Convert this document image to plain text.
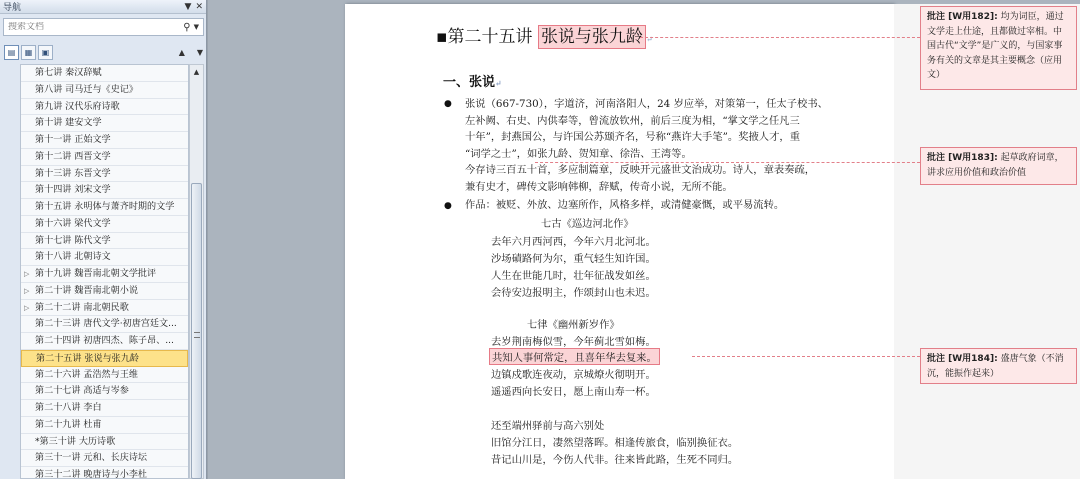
导航	▼ ✕
搜索文档
⚲ ▼
▤ ▦ ▣	▲ ▼
第七讲 秦汉辞赋
第八讲 司马迁与《史记》
第九讲 汉代乐府诗歌
第十讲 建安文学
第十一讲 正始文学
第十二讲 西晋文学
第十三讲 东晋文学
第十四讲 刘宋文学
第十五讲 永明体与萧齐时期的文学
第十六讲 梁代文学
第十七讲 陈代文学
第十八讲 北朝诗文
▷ 第十九讲 魏晋南北朝文学批评
▷ 第二十讲 魏晋南北朝小说
▷ 第二十二讲 南北朝民歌
第二十三讲 唐代文学·初唐宫廷文...
第二十四讲 初唐四杰、陈子昂、...
第二十五讲 张说与张九龄
第二十六讲 孟浩然与王维
第二十七讲 高适与岑参
第二十八讲 李白
第二十九讲 杜甫
*第三十讲 大历诗歌
第三十一讲 元和、长庆诗坛
第三十二讲 晚唐诗与小李杜
▲
▪第二十五讲 张说与张九龄 ↵
一、张说↵
● 张说（667-730），字道济，河南洛阳人，24 岁应举，对策第一，任太子校书、

左补阙、右史、内供奉等，曾流放钦州，前后三度为相，“掌文学之任凡三

十年”，封燕国公，与许国公苏颋齐名，号称“燕许大手笔”。奖掖人才，重

“词学之士”，如张九龄、贺知章、徐浩、王湾等。

今存诗三百五十首，多应制篇章，反映开元盛世文治成功。诗人，章表奏疏，

兼有史才，碑传文影响韩柳，辞赋，传奇小说，无所不能。

● 作品：被贬、外放、边塞所作，风格多样，或清健豪慨，或平易流转。

七古《巡边河北作》
去年六月西河西，今年六月北河北。
沙场磧路何为尔，重气轻生知许国。
人生在世能几时，壮年征战发如丝。
会待安边报明主，作颂封山也未迟。
七律《幽州新岁作》
去岁荆南梅似雪，今年蓟北雪如梅。
共知人事何常定，且喜年华去复来。
边镇戍歌连夜动，京城燎火彻明开。
遥遥西向长安日，愿上南山寿一杯。
还至端州驿前与高六别处
旧馆分江日，凄然望落晖。相逢传旅食，临别换征衣。
昔记山川是，今伤人代非。往来皆此路，生死不同归。
批注 [W用182]: 均为词臣，通过文学走上仕途，且都做过宰相。中国古代“文学”是广义的，与国家事务有关的文章是其主要概念（应用文）
批注 [W用183]: 起草政府词章，讲求应用价值和政治价值
批注 [W用184]: 盛唐气象（不消沉，能振作起来）
